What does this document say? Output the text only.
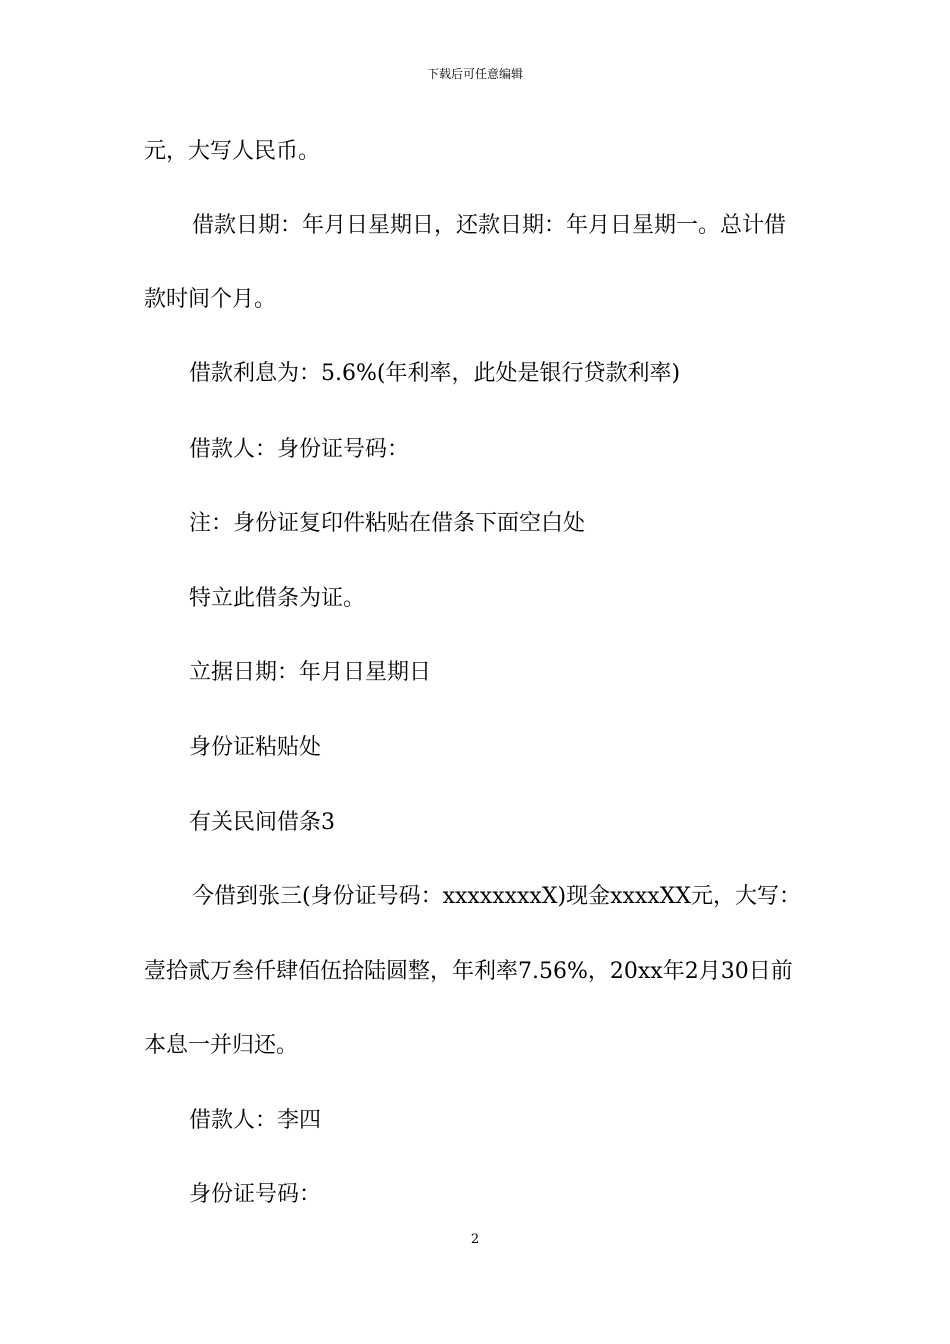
下载后可任意编辑
元，大写人民币。
借款日期：年月日星期日，还款日期：年月日星期一。总计借
款时间个月。
借款利息为：5.6%(年利率，此处是银行贷款利率)
借款人：身份证号码：
注：身份证复印件粘贴在借条下面空白处
特立此借条为证。
立据日期：年月日星期日
身份证粘贴处
有关民间借条3
今借到张三(身份证号码：xxxxxxxxX)现金xxxxXX元，大写：
壹拾贰万叁仟肆佰伍拾陆圆整，年利率7.56%，20xx年2月30日前
本息一并归还。
借款人：李四
身份证号码：
2
